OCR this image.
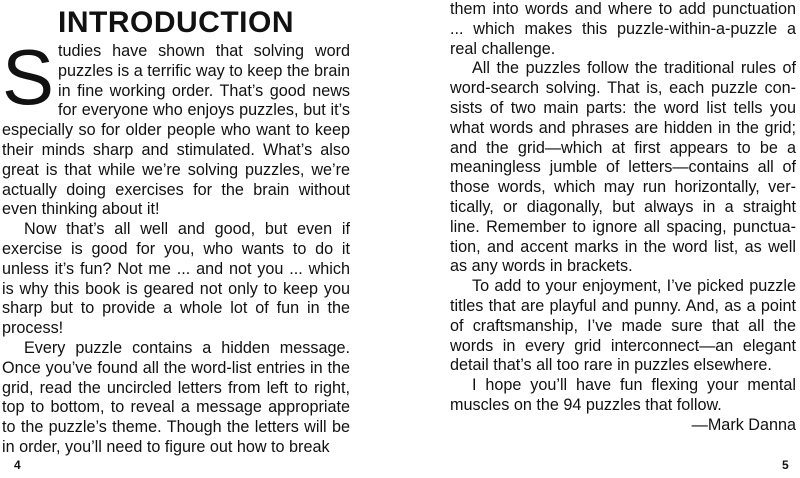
INTRODUCTION

Studies have shown that solving word puzzles is a terrific way to keep the brain in fine working order. That’s good news for everyone who enjoys puzzles, but it’s especially so for older people who want to keep their minds sharp and stimulated. What’s also great is that while we’re solving puzzles, we’re actually doing exercises for the brain without even thinking about it!

Now that’s all well and good, but even if exercise is good for you, who wants to do it unless it’s fun? Not me ... and not you ... which is why this book is geared not only to keep you sharp but to provide a whole lot of fun in the process!

Every puzzle contains a hidden message. Once you’ve found all the word-list entries in the grid, read the uncircled letters from left to right, top to bottom, to reveal a message appropriate to the puzzle’s theme. Though the letters will be in order, you’ll need to figure out how to break

them into words and where to add punctuation ... which makes this puzzle-within-a-puzzle a real challenge.

All the puzzles follow the traditional rules of word-search solving. That is, each puzzle consists of two main parts: the word list tells you what words and phrases are hidden in the grid; and the grid—which at first appears to be a meaningless jumble of letters—contains all of those words, which may run horizontally, vertically, or diagonally, but always in a straight line. Remember to ignore all spacing, punctuation, and accent marks in the word list, as well as any words in brackets.

To add to your enjoyment, I’ve picked puzzle titles that are playful and punny. And, as a point of craftsmanship, I’ve made sure that all the words in every grid interconnect—an elegant detail that’s all too rare in puzzles elsewhere.

I hope you’ll have fun flexing your mental muscles on the 94 puzzles that follow.

—Mark Danna

4	5
